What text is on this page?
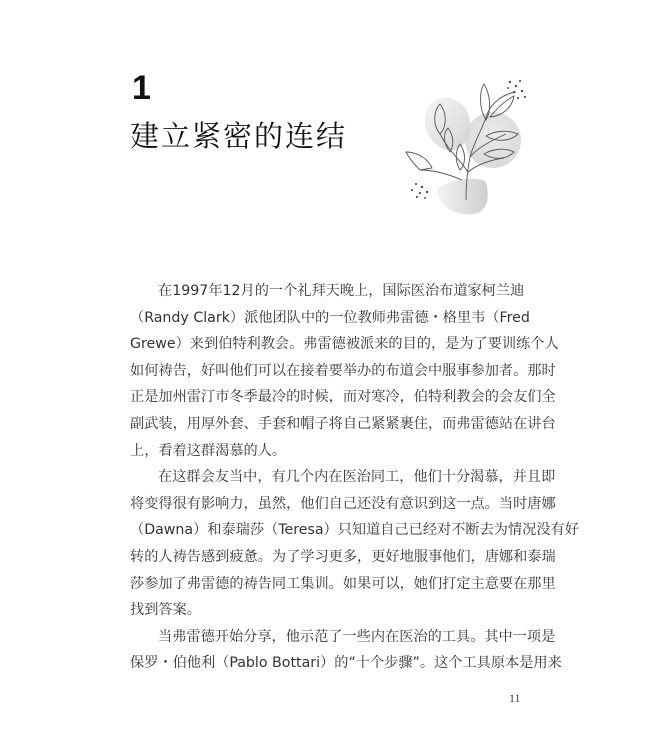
1
建立紧密的连结

在1997年12月的一个礼拜天晚上，国际医治布道家柯兰迪
（Randy Clark）派他团队中的一位教师弗雷德・格里韦（Fred
Grewe）来到伯特利教会。弗雷德被派来的目的，是为了要训练个人
如何祷告，好叫他们可以在接着要举办的布道会中服事参加者。那时
正是加州雷汀市冬季最冷的时候，而对寒冷，伯特利教会的会友们全
副武装，用厚外套、手套和帽子将自己紧紧裹住，而弗雷德站在讲台
上，看着这群渴慕的人。

在这群会友当中，有几个内在医治同工，他们十分渴慕，并且即
将变得很有影响力，虽然，他们自己还没有意识到这一点。当时唐娜
（Dawna）和泰瑞莎（Teresa）只知道自己已经对不断去为情况没有好
转的人祷告感到疲惫。为了学习更多，更好地服事他们，唐娜和泰瑞
莎参加了弗雷德的祷告同工集训。如果可以，她们打定主意要在那里
找到答案。

当弗雷德开始分享，他示范了一些内在医治的工具。其中一项是
保罗・伯他利（Pablo Bottari）的“十个步骤”。这个工具原本是用来

11
